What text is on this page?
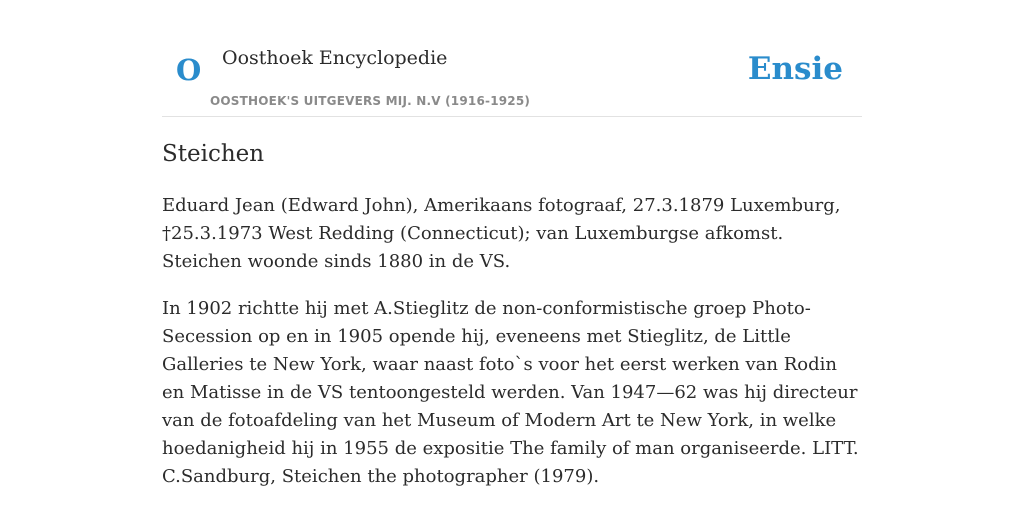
O Oosthoek Encyclopedie
OOSTHOEK'S UITGEVERS MIJ. N.V (1916-1925)
Ensie
Steichen

Eduard Jean (Edward John), Amerikaans fotograaf, 27.3.1879 Luxemburg, †25.3.1973 West Redding (Connecticut); van Luxemburgse afkomst. Steichen woonde sinds 1880 in de VS.

In 1902 richtte hij met A.Stieglitz de non-conformistische groep Photo-Secession op en in 1905 opende hij, eveneens met Stieglitz, de Little Galleries te New York, waar naast foto`s voor het eerst werken van Rodin en Matisse in de VS tentoongesteld werden. Van 1947—62 was hij directeur van de fotoafdeling van het Museum of Modern Art te New York, in welke hoedanigheid hij in 1955 de expositie The family of man organiseerde. LITT. C.Sandburg, Steichen the photographer (1979).
